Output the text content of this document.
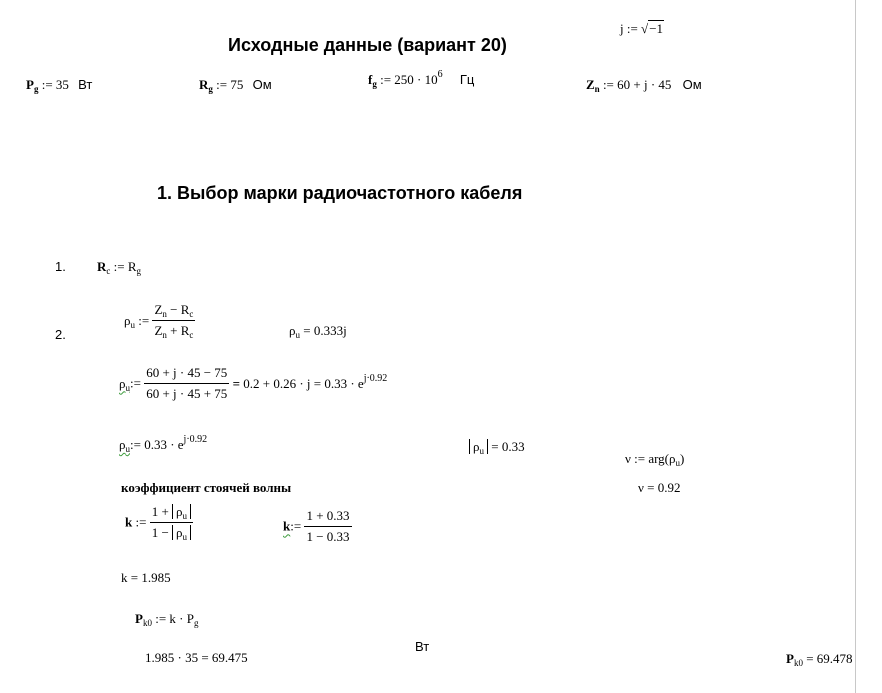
Исходные данные (вариант 20)
j := √−1
$P_g$ := 35 Вт	$R_g$ := 75 Ом	$f_g$ := $250 \cdot 10^6$ Гц	$Z_n$ := 60 + j · 45 Ом
1. Выбор марки радиочастотного кабеля
1. $R_c$ := $R_g$
2.
$\rho_u$ := $\frac{Z_n - R_c}{Z_n + R_c}$	$\rho_u = 0.333j$
$\rho_u:= \frac{60 + j \cdot 45 - 75}{60 + j \cdot 45 + 75} = 0.2 + 0.26 \cdot j = 0.33 \cdot e^{j\cdot 0.92}$
$\rho_u:= 0.33 \cdot e^{j\cdot 0.92}$	$\rho_u = 0.33$
ν := $arg(\rho_u)$
ν = 0.92
коэффициент стоячей волны
k := $\frac{1 + \rho_u}{1 - \rho_u}$	k:= $\frac{1 + 0.33}{1 - 0.33}$
k = 1.985
$P_{k0}$ := $k \cdot P_g$
1.985 · 35 = 69.475
Вт
$P_{k0} = 69.478$
